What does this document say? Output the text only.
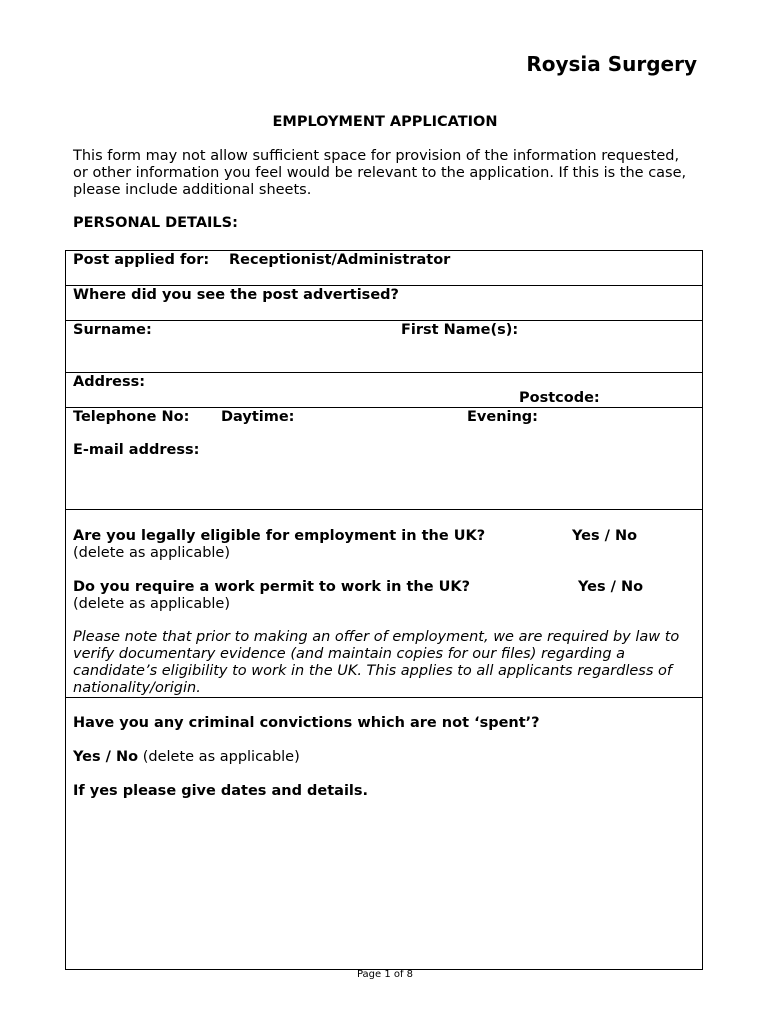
Roysia Surgery
EMPLOYMENT APPLICATION
This form may not allow sufficient space for provision of the information requested, or other information you feel would be relevant to the application. If this is the case, please include additional sheets.
PERSONAL DETAILS:
Post applied for: Receptionist/Administrator
Where did you see the post advertised?
Surname:	First Name(s):
Address:
Postcode:
Telephone No: Daytime:	Evening:
E-mail address:
Are you legally eligible for employment in the UK?	Yes / No
(delete as applicable)
Do you require a work permit to work in the UK?	Yes / No
(delete as applicable)
Please note that prior to making an offer of employment, we are required by law to verify documentary evidence (and maintain copies for our files) regarding a candidate’s eligibility to work in the UK. This applies to all applicants regardless of nationality/origin.
Have you any criminal convictions which are not ‘spent’?
Yes / No (delete as applicable)
If yes please give dates and details.
Page 1 of 8
